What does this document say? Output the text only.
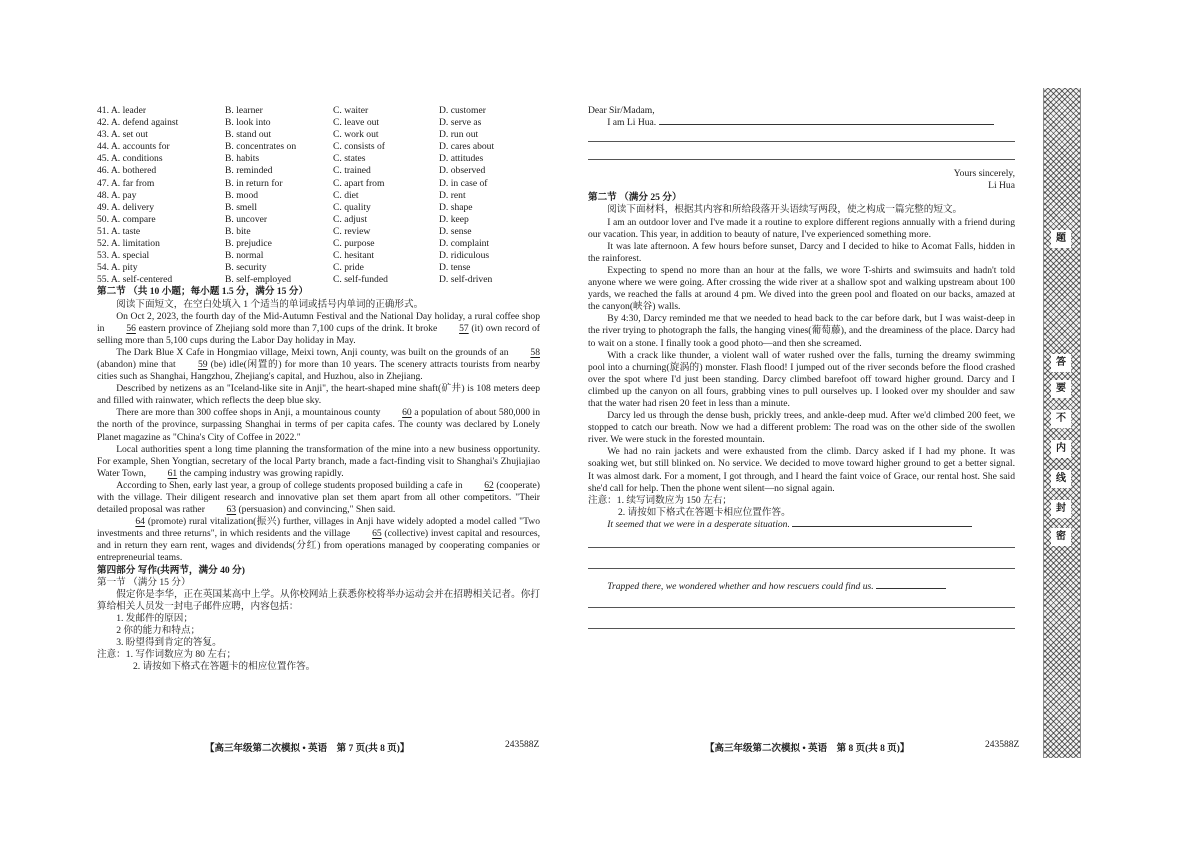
41. A. leader	B. learner	C. waiter	D. customer
42. A. defend against	B. look into	C. leave out	D. serve as
43. A. set out	B. stand out	C. work out	D. run out
44. A. accounts for	B. concentrates on	C. consists of	D. cares about
45. A. conditions	B. habits	C. states	D. attitudes
46. A. bothered	B. reminded	C. trained	D. observed
47. A. far from	B. in return for	C. apart from	D. in case of
48. A. pay	B. mood	C. diet	D. rent
49. A. delivery	B. smell	C. quality	D. shape
50. A. compare	B. uncover	C. adjust	D. keep
51. A. taste	B. bite	C. review	D. sense
52. A. limitation	B. prejudice	C. purpose	D. complaint
53. A. special	B. normal	C. hesitant	D. ridiculous
54. A. pity	B. security	C. pride	D. tense
55. A. self-centered	B. self-employed	C. self-funded	D. self-driven

第二节 （共 10 小题；每小题 1.5 分，满分 15 分）

阅读下面短文，在空白处填入 1 个适当的单词或括号内单词的正确形式。

On Oct 2, 2023, the fourth day of the Mid-Autumn Festival and the National Day holiday, a rural coffee shop in 56 eastern province of Zhejiang sold more than 7,100 cups of the drink. It broke 57 (it) own record of selling more than 5,100 cups during the Labor Day holiday in May.

The Dark Blue X Cafe in Hongmiao village, Meixi town, Anji county, was built on the grounds of an 58 (abandon) mine that 59 (be) idle(闲置的) for more than 10 years. The scenery attracts tourists from nearby cities such as Shanghai, Hangzhou, Zhejiang's capital, and Huzhou, also in Zhejiang.

Described by netizens as an "Iceland-like site in Anji", the heart-shaped mine shaft(矿井) is 108 meters deep and filled with rainwater, which reflects the deep blue sky.

There are more than 300 coffee shops in Anji, a mountainous county 60 a population of about 580,000 in the north of the province, surpassing Shanghai in terms of per capita cafes. The county was declared by Lonely Planet magazine as "China's City of Coffee in 2022."

Local authorities spent a long time planning the transformation of the mine into a new business opportunity. For example, Shen Yongtian, secretary of the local Party branch, made a fact-finding visit to Shanghai's Zhujiajiao Water Town, 61 the camping industry was growing rapidly.

According to Shen, early last year, a group of college students proposed building a cafe in 62 (cooperate) with the village. Their diligent research and innovative plan set them apart from all other competitors. "Their detailed proposal was rather 63 (persuasion) and convincing," Shen said.

64 (promote) rural vitalization(振兴) further, villages in Anji have widely adopted a model called "Two investments and three returns", in which residents and the village 65 (collective) invest capital and resources, and in return they earn rent, wages and dividends(分红) from operations managed by cooperating companies or entrepreneurial teams.

第四部分 写作(共两节，满分 40 分)

第一节 （满分 15 分）

假定你是李华，正在英国某高中上学。从你校网站上获悉你校将举办运动会并在招聘相关记者。你打算给相关人员发一封电子邮件应聘，内容包括：

1. 发邮件的原因；

2 你的能力和特点；

3. 盼望得到肯定的答复。

注意：1. 写作词数应为 80 左右；

2. 请按如下格式在答题卡的相应位置作答。

【高三年级第二次模拟 • 英语　第 7 页(共 8 页)】	243588Z

Dear Sir/Madam,

I am Li Hua.

Yours sincerely,

Li Hua

第二节 （满分 25 分）

阅读下面材料，根据其内容和所给段落开头语续写两段，使之构成一篇完整的短文。

I am an outdoor lover and I've made it a routine to explore different regions annually with a friend during our vacation. This year, in addition to beauty of nature, I've experienced something more.

It was late afternoon. A few hours before sunset, Darcy and I decided to hike to Acomat Falls, hidden in the rainforest.

Expecting to spend no more than an hour at the falls, we wore T-shirts and swimsuits and hadn't told anyone where we were going. After crossing the wide river at a shallow spot and walking upstream about 100 yards, we reached the falls at around 4 pm. We dived into the green pool and floated on our backs, amazed at the canyon(峡谷) walls.

By 4:30, Darcy reminded me that we needed to head back to the car before dark, but I was waist-deep in the river trying to photograph the falls, the hanging vines(葡萄藤), and the dreaminess of the place. Darcy had to wait on a stone. I finally took a good photo—and then she screamed.

With a crack like thunder, a violent wall of water rushed over the falls, turning the dreamy swimming pool into a churning(旋涡的) monster. Flash flood! I jumped out of the river seconds before the flood crashed over the spot where I'd just been standing. Darcy climbed barefoot off toward higher ground. Darcy and I climbed up the canyon on all fours, grabbing vines to pull ourselves up. I looked over my shoulder and saw that the water had risen 20 feet in less than a minute.

Darcy led us through the dense bush, prickly trees, and ankle-deep mud. After we'd climbed 200 feet, we stopped to catch our breath. Now we had a different problem: The road was on the other side of the swollen river. We were stuck in the forested mountain.

We had no rain jackets and were exhausted from the climb. Darcy asked if I had my phone. It was soaking wet, but still blinked on. No service. We decided to move toward higher ground to get a better signal. It was almost dark. For a moment, I got through, and I heard the faint voice of Grace, our rental host. She said she'd call for help. Then the phone went silent—no signal again.

注意：1. 续写词数应为 150 左右；

2. 请按如下格式在答题卡相应位置作答。

It seemed that we were in a desperate situation.

Trapped there, we wondered whether and how rescuers could find us.

【高三年级第二次模拟 • 英语　第 8 页(共 8 页)】	243588Z
题
答
要
不
内
线
封
密
